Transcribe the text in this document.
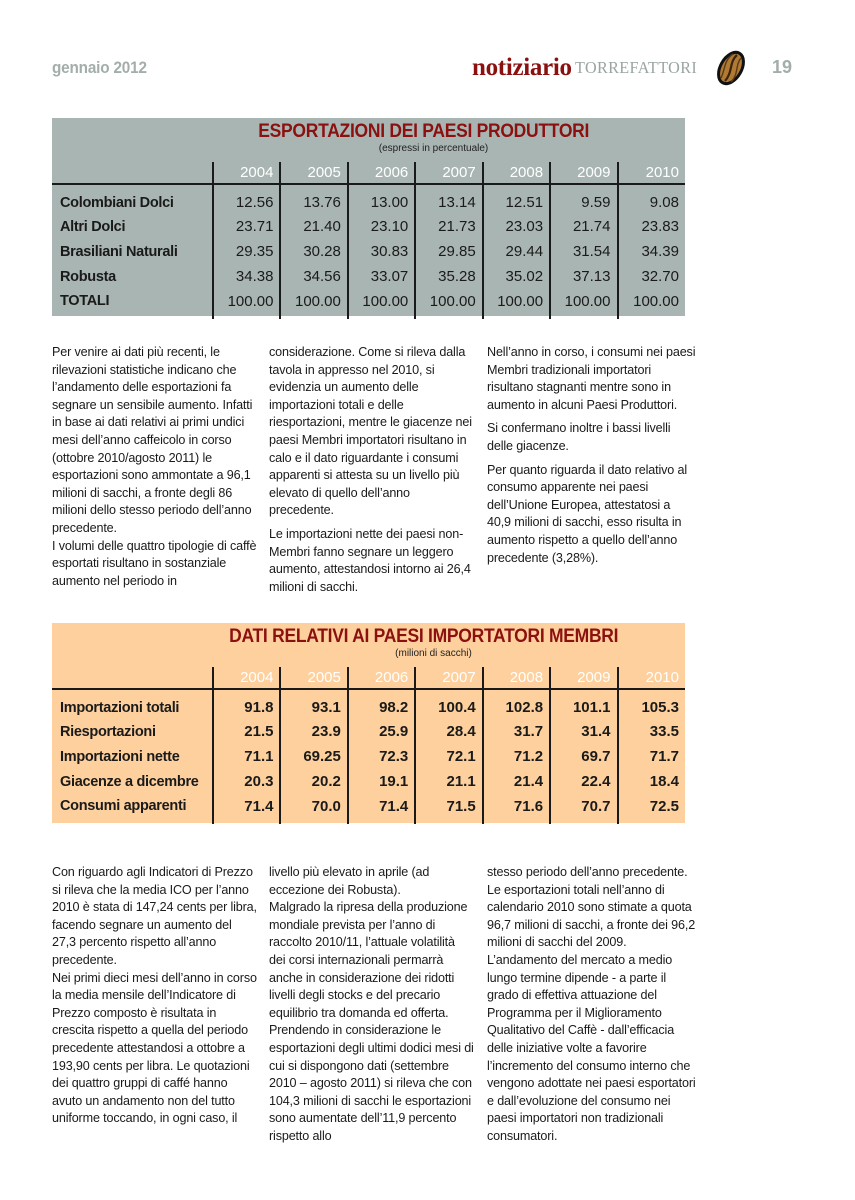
gennaio 2012	notiziario TORREFATTORI	19
ESPORTAZIONI DEI PAESI PRODUTTORI
(espressi in percentuale)
	2004	2005	2006	2007	2008	2009	2010
Colombiani Dolci	12.56	13.76	13.00	13.14	12.51	9.59	9.08
Altri Dolci	23.71	21.40	23.10	21.73	23.03	21.74	23.83
Brasiliani Naturali	29.35	30.28	30.83	29.85	29.44	31.54	34.39
Robusta	34.38	34.56	33.07	35.28	35.02	37.13	32.70
TOTALI	100.00	100.00	100.00	100.00	100.00	100.00	100.00

Per venire ai dati più recenti, le rilevazioni statistiche indicano che l’andamento delle esportazioni fa segnare un sensibile aumento. Infatti in base ai dati relativi ai primi undici mesi dell’anno caffeicolo in corso (ottobre 2010/agosto 2011) le esportazioni sono ammontate a 96,1 milioni di sacchi, a fronte degli 86 milioni dello stesso periodo dell’anno precedente.

I volumi delle quattro tipologie di caffè esportati risultano in sostanziale aumento nel periodo in

considerazione. Come si rileva dalla tavola in appresso nel 2010, si evidenzia un aumento delle importazioni totali e delle riesportazioni, mentre le giacenze nei paesi Membri importatori risultano in calo e il dato riguardante i consumi apparenti si attesta su un livello più elevato di quello dell’anno precedente.

Le importazioni nette dei paesi non-Membri fanno segnare un leggero aumento, attestandosi intorno ai 26,4 milioni di sacchi.

Nell’anno in corso, i consumi nei paesi Membri tradizionali importatori risultano stagnanti mentre sono in aumento in alcuni Paesi Produttori.

Si confermano inoltre i bassi livelli delle giacenze.

Per quanto riguarda il dato relativo al consumo apparente nei paesi dell’Unione Europea, attestatosi a 40,9 milioni di sacchi, esso risulta in aumento rispetto a quello dell’anno precedente (3,28%).

DATI RELATIVI AI PAESI IMPORTATORI MEMBRI
(milioni di sacchi)
	2004	2005	2006	2007	2008	2009	2010
Importazioni totali	91.8	93.1	98.2	100.4	102.8	101.1	105.3
Riesportazioni	21.5	23.9	25.9	28.4	31.7	31.4	33.5
Importazioni nette	71.1	69.25	72.3	72.1	71.2	69.7	71.7
Giacenze a dicembre	20.3	20.2	19.1	21.1	21.4	22.4	18.4
Consumi apparenti	71.4	70.0	71.4	71.5	71.6	70.7	72.5

Con riguardo agli Indicatori di Prezzo si rileva che la media ICO per l’anno 2010 è stata di 147,24 cents per libra, facendo segnare un aumento del 27,3 percento rispetto all’anno precedente.

Nei primi dieci mesi dell’anno in corso la media mensile dell’Indicatore di Prezzo composto è risultata in crescita rispetto a quella del periodo precedente attestandosi a ottobre a 193,90 cents per libra. Le quotazioni dei quattro gruppi di caffé hanno avuto un andamento non del tutto uniforme toccando, in ogni caso, il

livello più elevato in aprile (ad eccezione dei Robusta).

Malgrado la ripresa della produzione mondiale prevista per l’anno di raccolto 2010/11, l’attuale volatilità dei corsi internazionali permarrà anche in considerazione dei ridotti livelli degli stocks e del precario equilibrio tra domanda ed offerta.

Prendendo in considerazione le esportazioni degli ultimi dodici mesi di cui si dispongono dati (settembre 2010 – agosto 2011) si rileva che con 104,3 milioni di sacchi le esportazioni sono aumentate dell’11,9 percento rispetto allo

stesso periodo dell’anno precedente. Le esportazioni totali nell’anno di calendario 2010 sono stimate a quota 96,7 milioni di sacchi, a fronte dei 96,2 milioni di sacchi del 2009. L’andamento del mercato a medio lungo termine dipende - a parte il grado di effettiva attuazione del Programma per il Miglioramento Qualitativo del Caffè - dall’efficacia delle iniziative volte a favorire l’incremento del consumo interno che vengono adottate nei paesi esportatori e dall’evoluzione del consumo nei paesi importatori non tradizionali consumatori.
